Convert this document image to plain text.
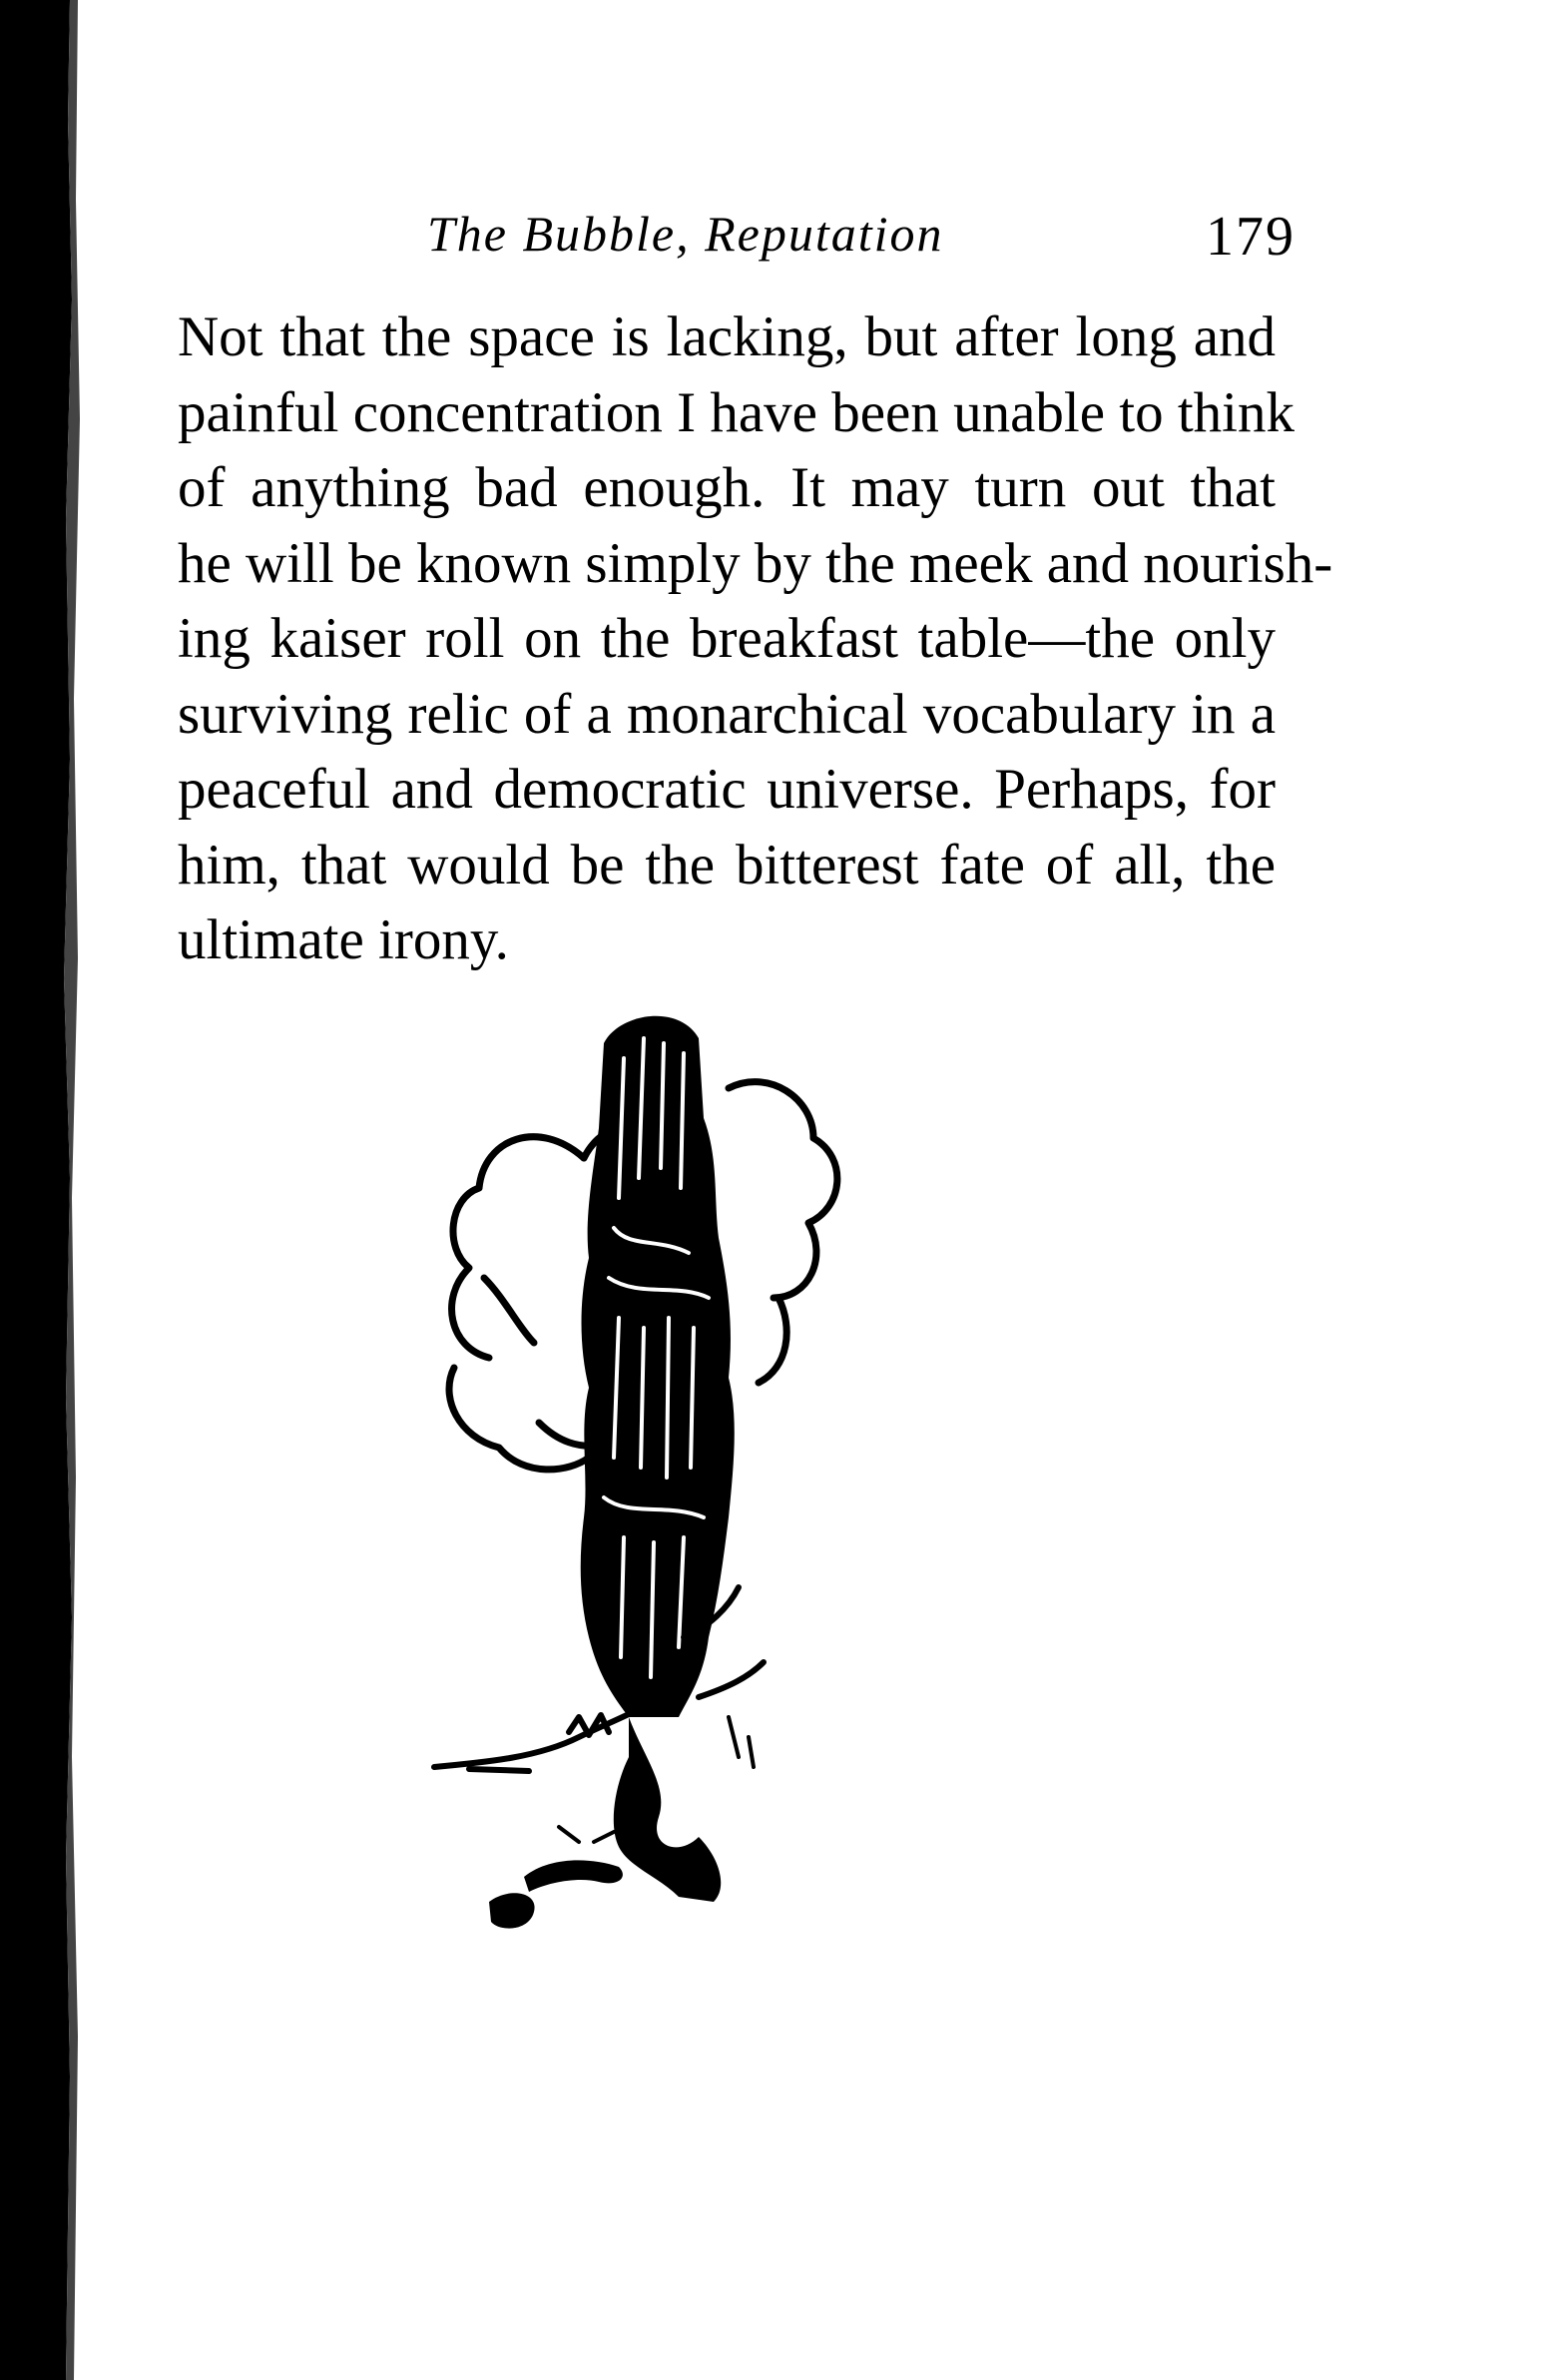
The Bubble, Reputation	179
Not that the space is lacking, but after long and
painful concentration I have been unable to think
of anything bad enough. It may turn out that
he will be known simply by the meek and nourish-
ing kaiser roll on the breakfast table—the only
surviving relic of a monarchical vocabulary in a
peaceful and democratic universe. Perhaps, for
him, that would be the bitterest fate of all, the
ultimate irony.
